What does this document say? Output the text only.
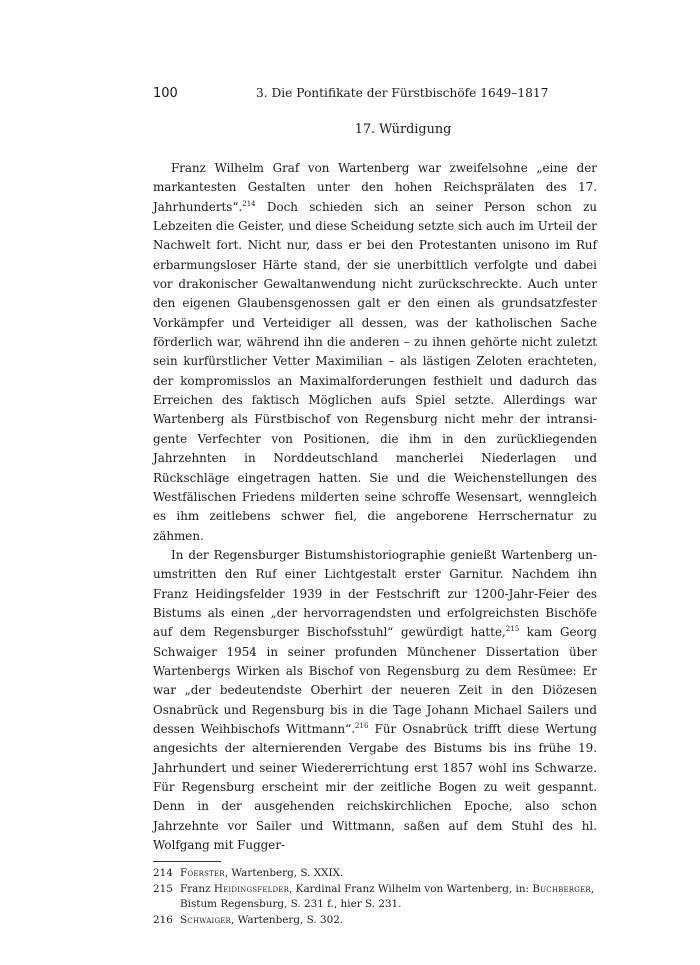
100	3. Die Pontifikate der Fürstbischöfe 1649–1817
17. Würdigung

Franz Wilhelm Graf von Wartenberg war zweifelsohne „eine der markantesten Gestalten unter den hohen Reichsprälaten des 17. Jahrhunderts“.$^{214}$ Doch schieden sich an seiner Person schon zu Lebzeiten die Geister, und diese Scheidung setzte sich auch im Urteil der Nachwelt fort. Nicht nur, dass er bei den Protestanten unisono im Ruf erbarmungsloser Härte stand, der sie unerbittlich verfolgte und dabei vor drakonischer Gewaltanwendung nicht zurückschreckte. Auch unter den eigenen Glaubensgenossen galt er den einen als grundsatzfester Vorkämpfer und Verteidiger all dessen, was der katholischen Sache förderlich war, während ihn die anderen – zu ihnen gehörte nicht zuletzt sein kurfürstlicher Vetter Maximilian – als lästigen Zeloten erachteten, der kompromisslos an Maximalforderungen festhielt und dadurch das Erreichen des faktisch Möglichen aufs Spiel setzte. Allerdings war Wartenberg als Fürstbischof von Regensburg nicht mehr der intransigente Verfechter von Positionen, die ihm in den zurückliegenden Jahrzehnten in Norddeutschland mancherlei Niederlagen und Rückschläge eingetragen hatten. Sie und die Weichenstellungen des Westfälischen Friedens milderten seine schroffe Wesensart, wenngleich es ihm zeitlebens schwer fiel, die angeborene Herrschernatur zu zähmen.

In der Regensburger Bistumshistoriographie genießt Wartenberg unumstritten den Ruf einer Lichtgestalt erster Garnitur. Nachdem ihn Franz Heidingsfelder 1939 in der Festschrift zur 1200-Jahr-Feier des Bistums als einen „der hervorragendsten und erfolgreichsten Bischöfe auf dem Regensburger Bischofsstuhl“ gewürdigt hatte,$^{215}$ kam Georg Schwaiger 1954 in seiner profunden Münchener Dissertation über Wartenbergs Wirken als Bischof von Regensburg zu dem Resümee: Er war „der bedeutendste Oberhirt der neueren Zeit in den Diözesen Osnabrück und Regensburg bis in die Tage Johann Michael Sailers und dessen Weihbischofs Wittmann“.$^{216}$ Für Osnabrück trifft diese Wertung angesichts der alternierenden Vergabe des Bistums bis ins frühe 19. Jahrhundert und seiner Wiedererrichtung erst 1857 wohl ins Schwarze. Für Regensburg erscheint mir der zeitliche Bogen zu weit gespannt. Denn in der ausgehenden reichskirchlichen Epoche, also schon Jahrzehnte vor Sailer und Wittmann, saßen auf dem Stuhl des hl. Wolfgang mit Fugger-

214 Foerster, Wartenberg, S. XXIX.
215 Franz Heidingsfelder, Kardinal Franz Wilhelm von Wartenberg, in: Buchberger, Bistum Regensburg, S. 231 f., hier S. 231.
216 Schwaiger, Wartenberg, S. 302.
